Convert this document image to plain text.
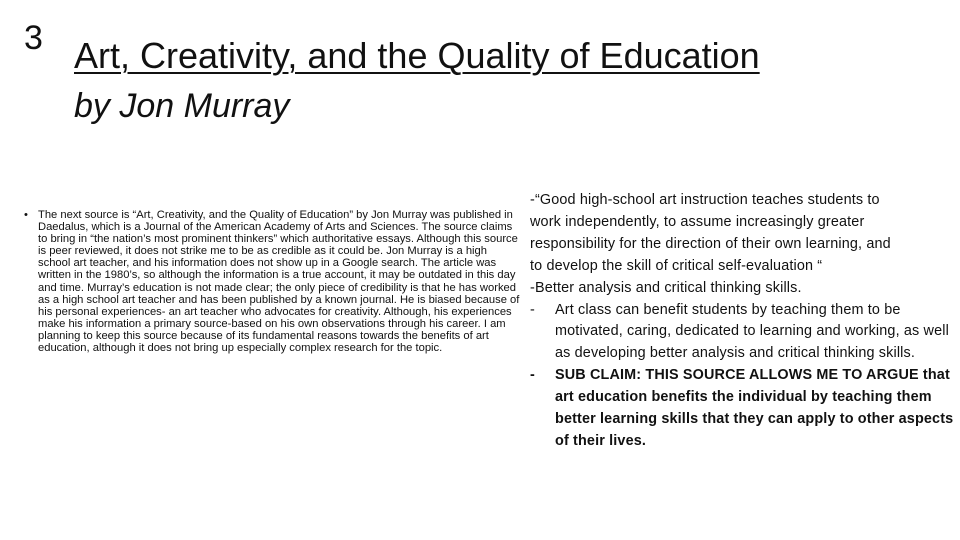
3 Art, Creativity, and the Quality of Education
by Jon Murray
• The next source is “Art, Creativity, and the Quality of Education” by Jon Murray was published in Daedalus, which is a Journal of the American Academy of Arts and Sciences. The source claims to bring in “the nation’s most prominent thinkers” which authoritative essays. Although this source is peer reviewed, it does not strike me to be as credible as it could be. Jon Murray is a high school art teacher, and his information does not show up in a Google search. The article was written in the 1980’s, so although the information is a true account, it may be outdated in this day and time. Murray’s education is not made clear; the only piece of credibility is that he has worked as a high school art teacher and has been published by a known journal. He is biased because of his personal experiences- an art teacher who advocates for creativity. Although, his experiences make his information a primary source-based on his own observations through his career. I am planning to keep this source because of its fundamental reasons towards the benefits of art education, although it does not bring up especially complex research for the topic.
-“Good high-school art instruction teaches students to
work independently, to assume increasingly greater
responsibility for the direction of their own learning, and
to develop the skill of critical self-evaluation “
-Better analysis and critical thinking skills.
-	Art class can benefit students by teaching them to be motivated, caring, dedicated to learning and working, as well as developing better analysis and critical thinking skills.
-	SUB CLAIM: THIS SOURCE ALLOWS ME TO ARGUE that art education benefits the individual by teaching them better learning skills that they can apply to other aspects of their lives.
